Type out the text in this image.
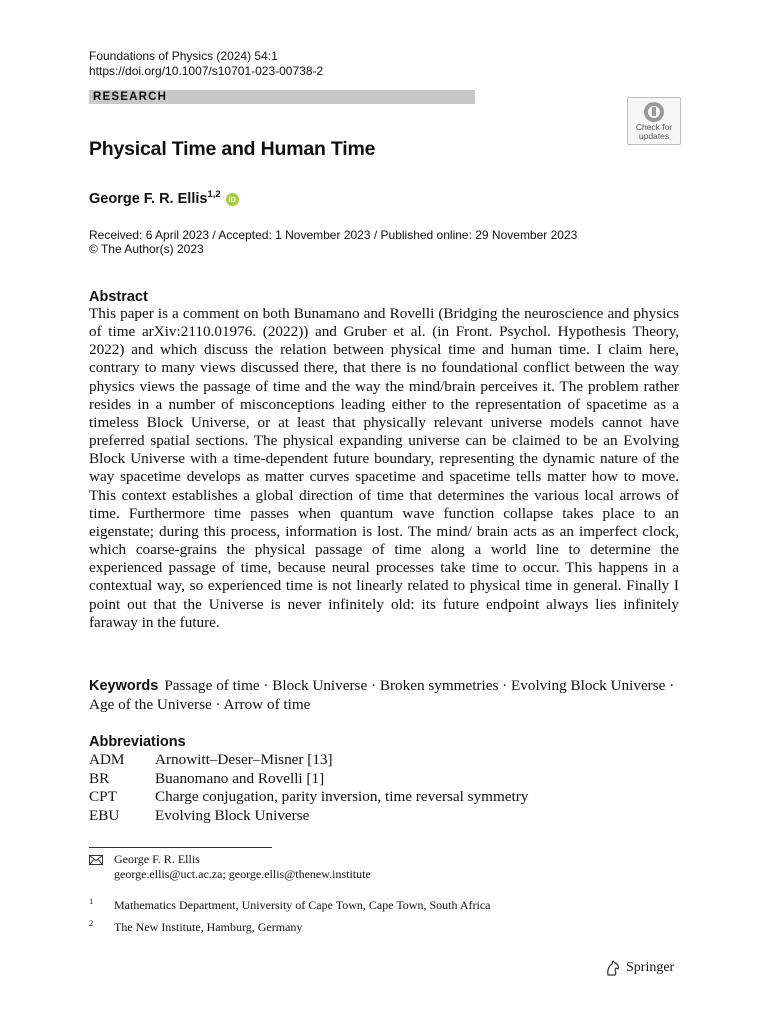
Foundations of Physics (2024) 54:1
https://doi.org/10.1007/s10701-023-00738-2
RESEARCH
Check for updates
Physical Time and Human Time
George F. R. Ellis$^{1,2}$ iD
Received: 6 April 2023 / Accepted: 1 November 2023 / Published online: 29 November 2023
© The Author(s) 2023
Abstract

This paper is a comment on both Bunamano and Rovelli (Bridging the neuroscience and physics of time arXiv:2110.01976. (2022)) and Gruber et al. (in Front. Psychol. Hypothesis Theory, 2022) and which discuss the relation between physical time and human time. I claim here, contrary to many views discussed there, that there is no foundational conflict between the way physics views the passage of time and the way the mind/brain perceives it. The problem rather resides in a number of misconceptions leading either to the representation of spacetime as a timeless Block Universe, or at least that physically relevant universe models cannot have preferred spatial sections. The physical expanding universe can be claimed to be an Evolving Block Universe with a time-dependent future boundary, representing the dynamic nature of the way spacetime develops as matter curves spacetime and spacetime tells matter how to move. This context establishes a global direction of time that determines the various local arrows of time. Furthermore time passes when quantum wave function collapse takes place to an eigenstate; during this process, information is lost. The mind/ brain acts as an imperfect clock, which coarse-grains the physical passage of time along a world line to determine the experienced passage of time, because neural processes take time to occur. This happens in a contextual way, so experienced time is not linearly related to physical time in general. Finally I point out that the Universe is never infinitely old: its future endpoint always lies infinitely faraway in the future.

Keywords Passage of time · Block Universe · Broken symmetries · Evolving Block Universe · Age of the Universe · Arrow of time
Abbreviations
ADM Arnowitt–Deser–Misner [13]
BR	Buanomano and Rovelli [1]
CPT	Charge conjugation, parity inversion, time reversal symmetry
EBU Evolving Block Universe
George F. R. Ellis
george.ellis@uct.ac.za; george.ellis@thenew.institute
1 Mathematics Department, University of Cape Town, Cape Town, South Africa
2 The New Institute, Hamburg, Germany
Springer
